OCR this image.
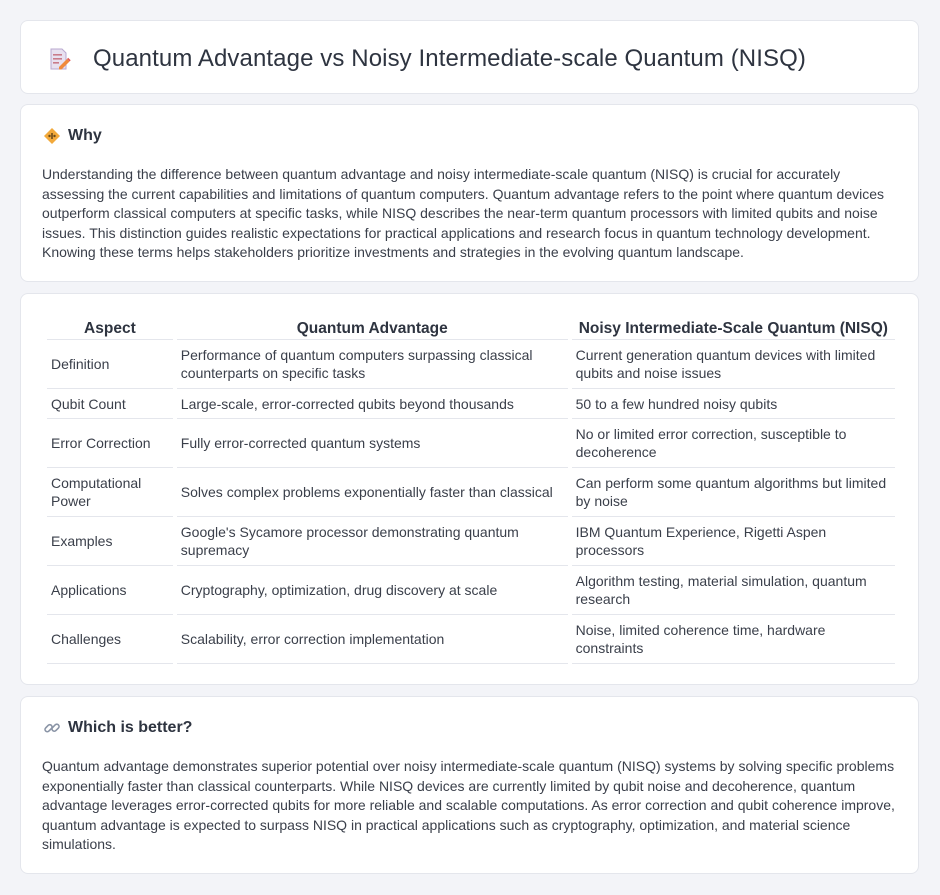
Quantum Advantage vs Noisy Intermediate-scale Quantum (NISQ)
Why

Understanding the difference between quantum advantage and noisy intermediate-scale quantum (NISQ) is crucial for accurately assessing the current capabilities and limitations of quantum computers. Quantum advantage refers to the point where quantum devices outperform classical computers at specific tasks, while NISQ describes the near-term quantum processors with limited qubits and noise issues. This distinction guides realistic expectations for practical applications and research focus in quantum technology development. Knowing these terms helps stakeholders prioritize investments and strategies in the evolving quantum landscape.

Aspect	Quantum Advantage	Noisy Intermediate-Scale Quantum (NISQ)
Definition	Performance of quantum computers surpassing classical counterparts on specific tasks	Current generation quantum devices with limited qubits and noise issues
Qubit Count	Large-scale, error-corrected qubits beyond thousands	50 to a few hundred noisy qubits
Error Correction	Fully error-corrected quantum systems	No or limited error correction, susceptible to decoherence
Computational Power	Solves complex problems exponentially faster than classical	Can perform some quantum algorithms but limited by noise
Examples	Google's Sycamore processor demonstrating quantum supremacy	IBM Quantum Experience, Rigetti Aspen processors
Applications	Cryptography, optimization, drug discovery at scale	Algorithm testing, material simulation, quantum research
Challenges	Scalability, error correction implementation	Noise, limited coherence time, hardware constraints
Which is better?

Quantum advantage demonstrates superior potential over noisy intermediate-scale quantum (NISQ) systems by solving specific problems exponentially faster than classical counterparts. While NISQ devices are currently limited by qubit noise and decoherence, quantum advantage leverages error-corrected qubits for more reliable and scalable computations. As error correction and qubit coherence improve, quantum advantage is expected to surpass NISQ in practical applications such as cryptography, optimization, and material science simulations.
